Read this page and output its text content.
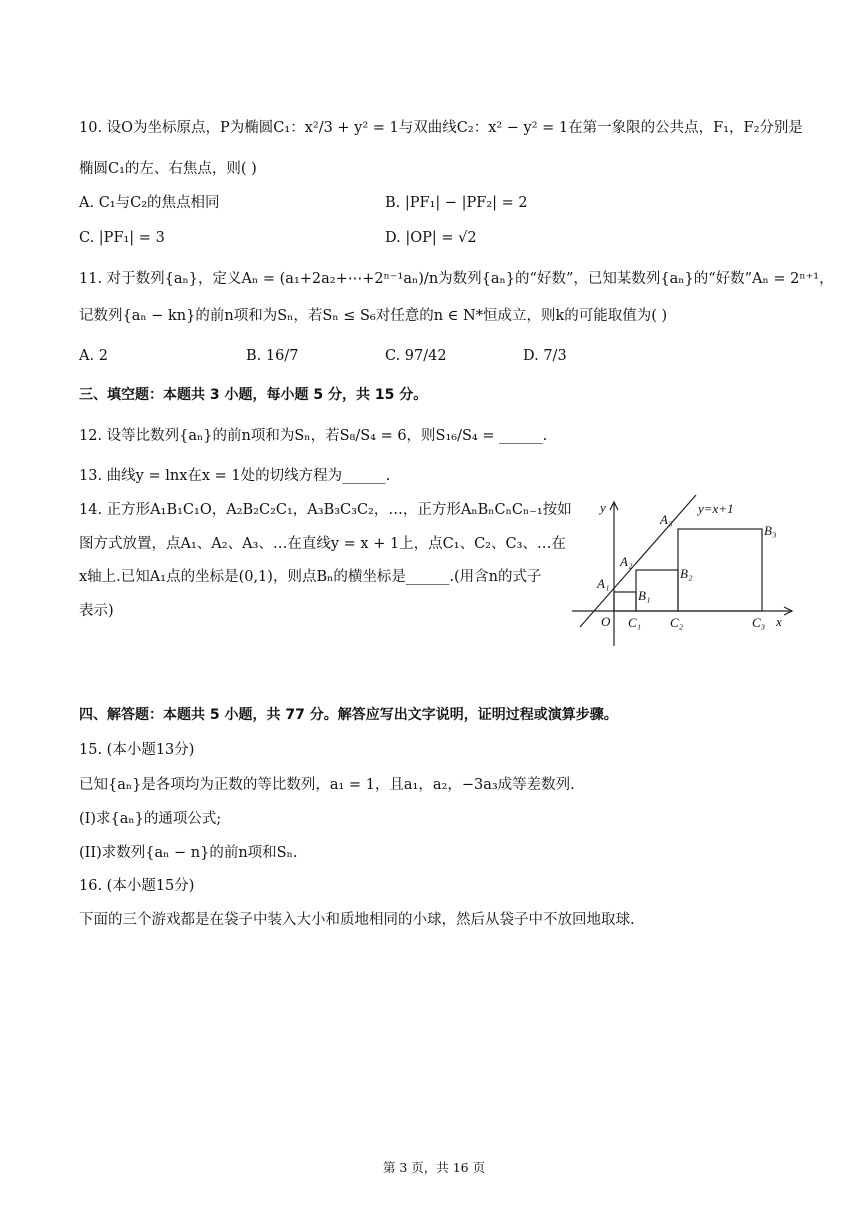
10. 设O为坐标原点，P为椭圆C₁：x²/3 + y² = 1与双曲线C₂：x² − y² = 1在第一象限的公共点，F₁，F₂分别是
椭圆C₁的左、右焦点，则( )
A. C₁与C₂的焦点相同	B. |PF₁| − |PF₂| = 2
C. |PF₁| = 3	D. |OP| = √2
11. 对于数列{aₙ}，定义Aₙ = (a₁+2a₂+⋯+2ⁿ⁻¹aₙ)/n为数列{aₙ}的“好数”，已知某数列{aₙ}的“好数”Aₙ = 2ⁿ⁺¹，
记数列{aₙ − kn}的前n项和为Sₙ，若Sₙ ≤ S₆对任意的n ∈ N*恒成立，则k的可能取值为( )
A. 2	B. 16/7	C. 97/42	D. 7/3
三、填空题：本题共 3 小题，每小题 5 分，共 15 分。
12. 设等比数列{aₙ}的前n项和为Sₙ，若S₈/S₄ = 6，则S₁₆/S₄ = ______.
13. 曲线y = lnx在x = 1处的切线方程为______.
14. 正方形A₁B₁C₁O，A₂B₂C₂C₁，A₃B₃C₃C₂，…，正方形AₙBₙCₙCₙ₋₁按如
图方式放置，点A₁、A₂、A₃、…在直线y = x + 1上，点C₁、C₂、C₃、…在
x轴上.已知A₁点的坐标是(0,1)，则点Bₙ的横坐标是______.(用含n的式子
表示)
y=x+1
y
x
O
A₁
A₂
A₃
B₁
B₂
B₃
C₁ C₂	C₃
四、解答题：本题共 5 小题，共 77 分。解答应写出文字说明，证明过程或演算步骤。
15. (本小题13分)
已知{aₙ}是各项均为正数的等比数列，a₁ = 1，且a₁，a₂，−3a₃成等差数列.
(I)求{aₙ}的通项公式;
(II)求数列{aₙ − n}的前n项和Sₙ.
16. (本小题15分)
下面的三个游戏都是在袋子中装入大小和质地相同的小球，然后从袋子中不放回地取球.
第 3 页，共 16 页
